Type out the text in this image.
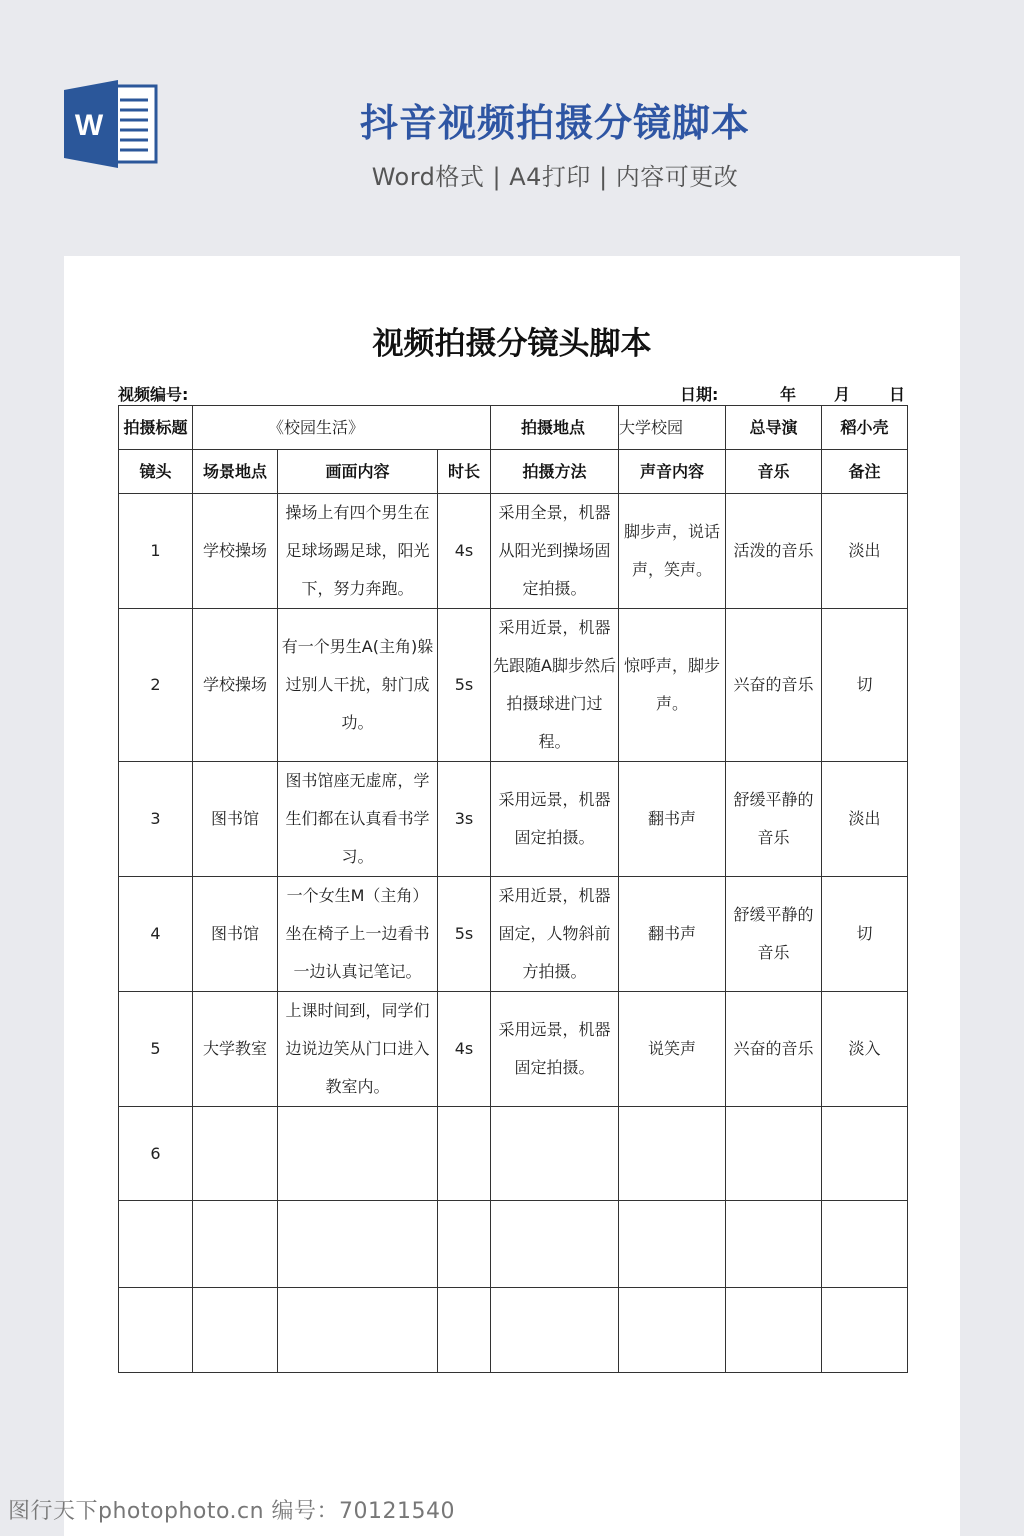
W	抖音视频拍摄分镜脚本
Word格式 | A4打印 | 内容可更改
视频拍摄分镜头脚本
视频编号:	日期:	年 月 日
拍摄标题	《校园生活》			拍摄地点	大学校园	总导演	稻小壳
镜头	场景地点	画面内容	时长	拍摄方法	声音内容	音乐	备注
1	学校操场	操场上有四个男生在足球场踢足球，阳光下，努力奔跑。	4s	采用全景，机器从阳光到操场固定拍摄。	脚步声，说话声，笑声。	活泼的音乐	淡出
2	学校操场	有一个男生A(主角)躲过别人干扰，射门成功。	5s	采用近景，机器先跟随A脚步然后拍摄球进门过程。	惊呼声，脚步声。	兴奋的音乐	切
3	图书馆	图书馆座无虚席，学生们都在认真看书学习。	3s	采用远景，机器固定拍摄。	翻书声	舒缓平静的音乐	淡出
4	图书馆	一个女生M（主角）坐在椅子上一边看书一边认真记笔记。	5s	采用近景，机器固定，人物斜前方拍摄。	翻书声	舒缓平静的音乐	切
5	大学教室	上课时间到，同学们边说边笑从门口进入教室内。	4s	采用远景，机器固定拍摄。	说笑声	兴奋的音乐	淡入
6							

图行天下photophoto.cn 编号：70121540
